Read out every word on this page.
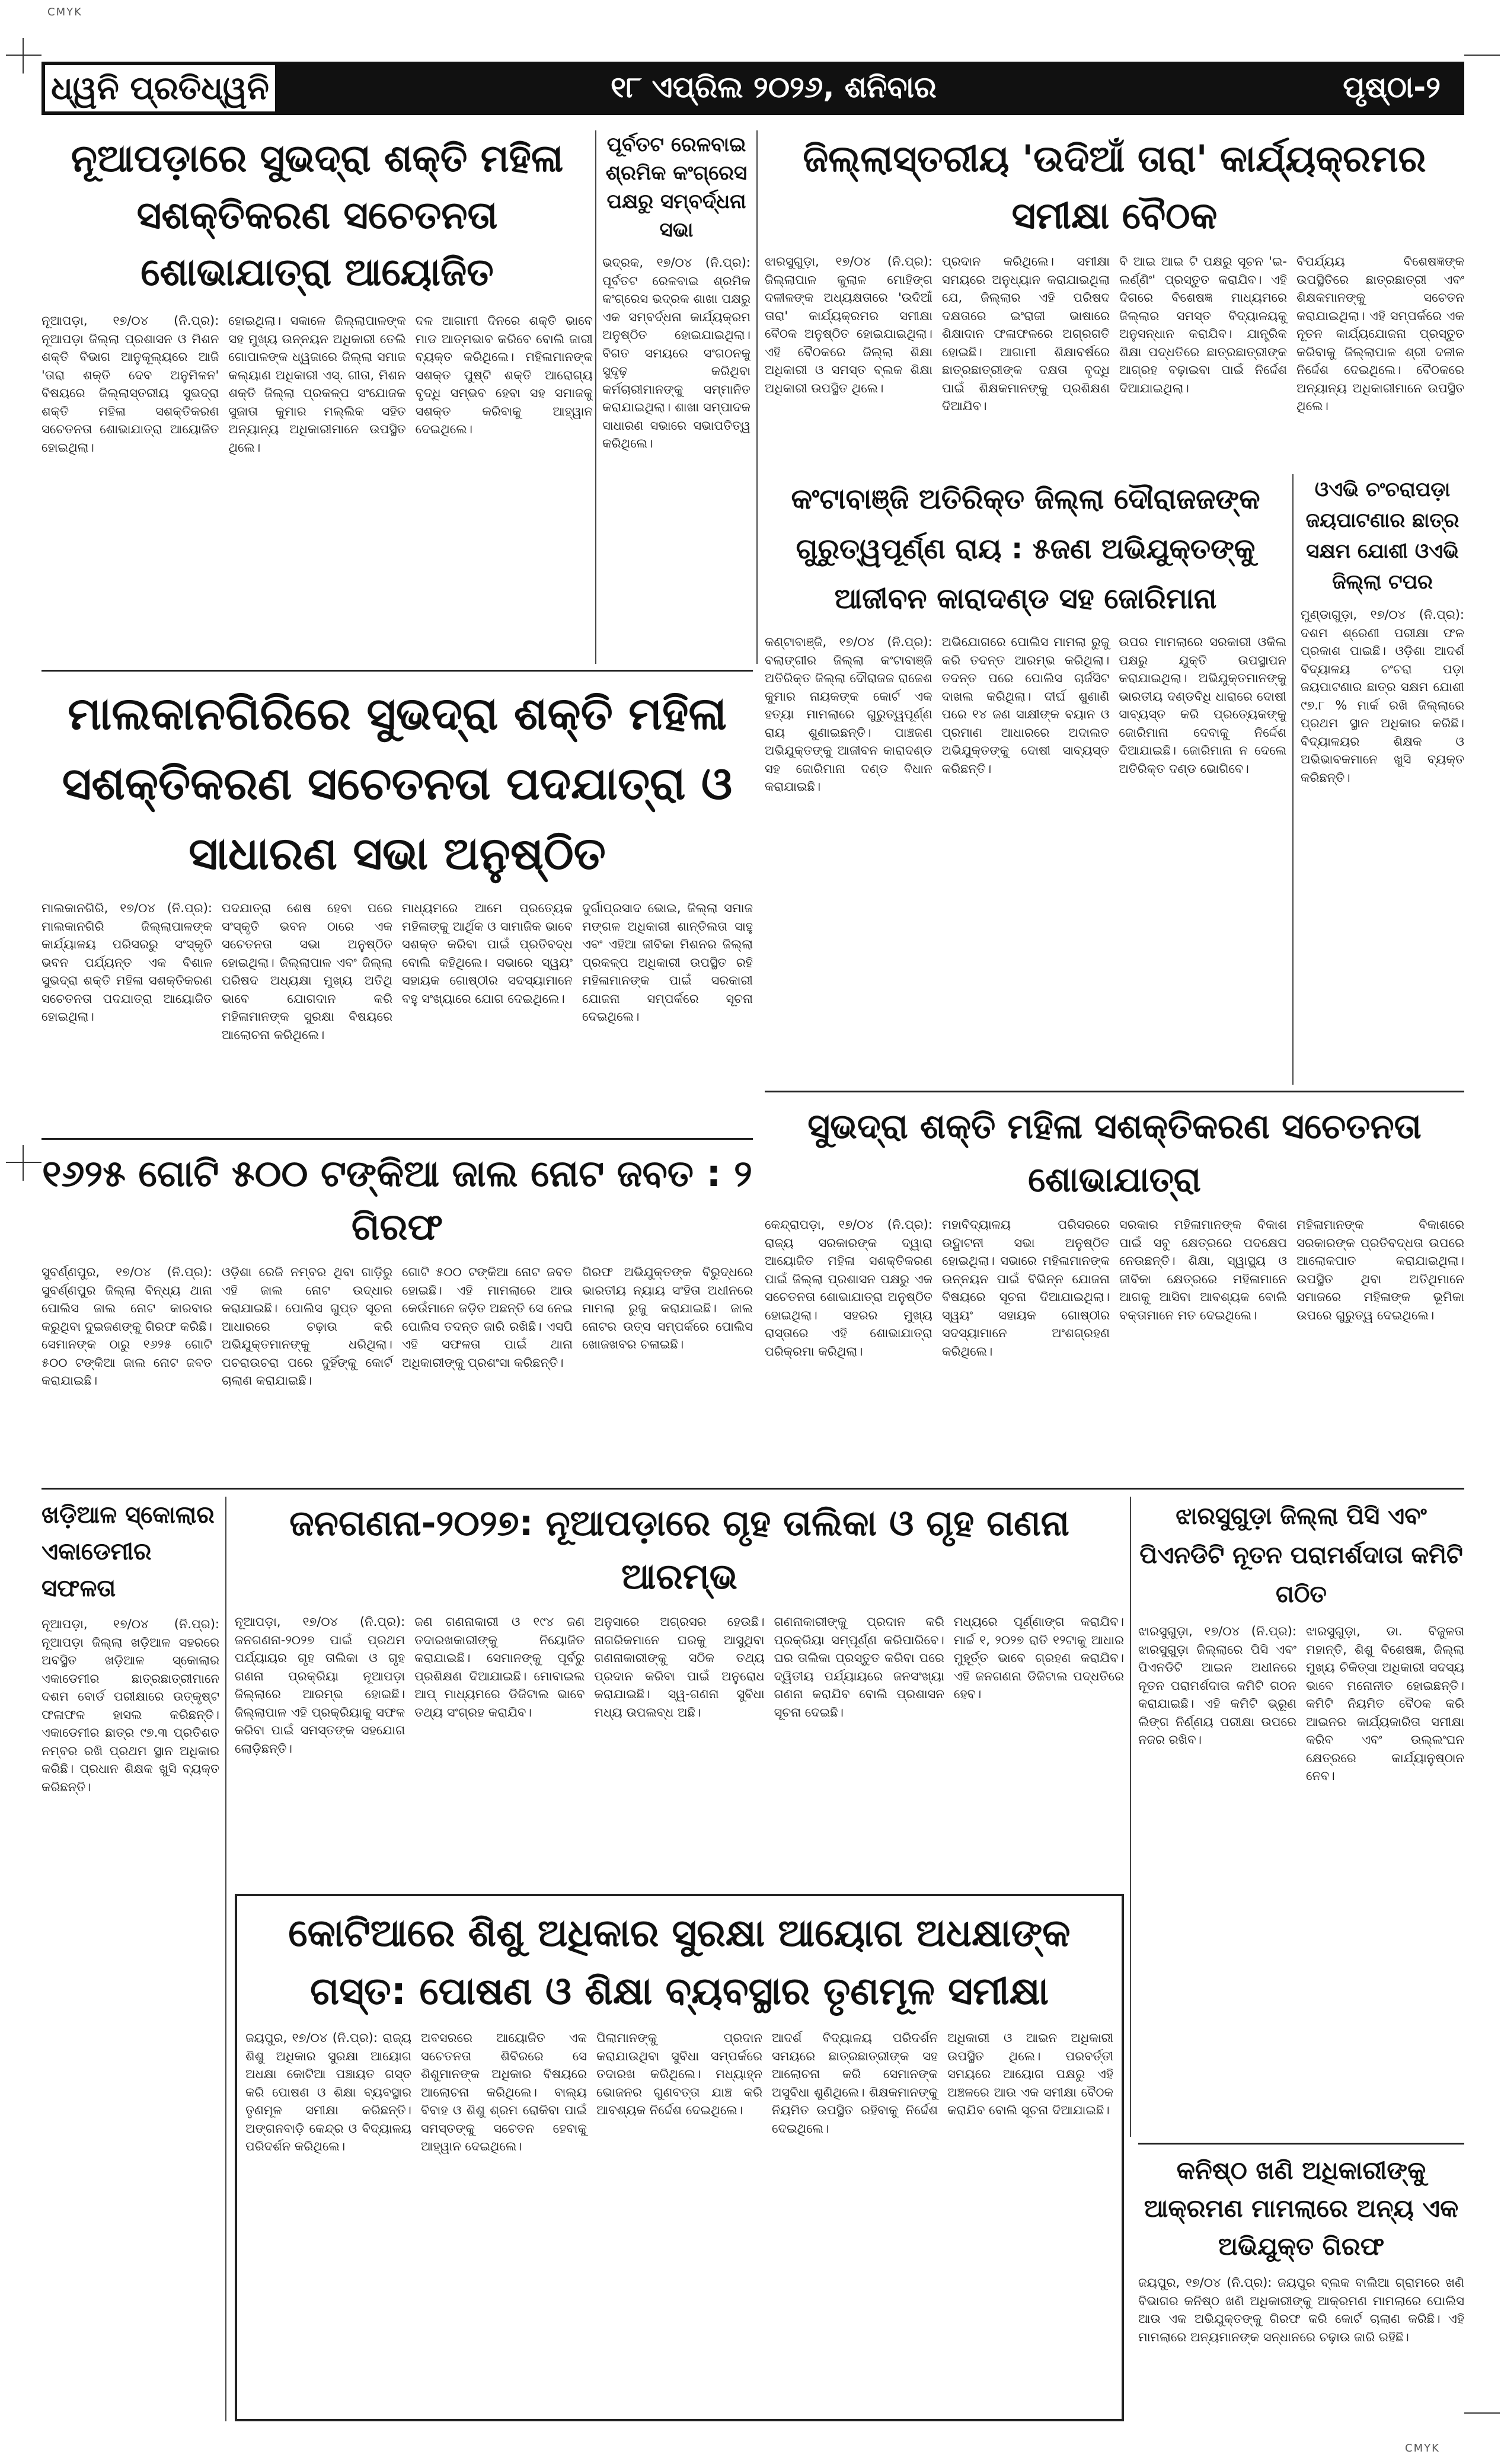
CMYK
CMYK
ଧ୍ୱନି ପ୍ରତିଧ୍ୱନି	୧୮ ଏପ୍ରିଲ ୨୦୨୬, ଶନିବାର	ପୃଷ୍ଠା-୨
ନୂଆପଡ଼ାରେ ସୁଭଦ୍ରା ଶକ୍ତି ମହିଳା ସଶକ୍ତିକରଣ ସଚେତନତା ଶୋଭାଯାତ୍ରା ଆୟୋଜିତ
ନୂଆପଡ଼ା, ୧୭/୦୪ (ନି.ପ୍ର): ନୂଆପଡ଼ା ଜିଲ୍ଲା ପ୍ରଶାସନ ଓ ମିଶନ ଶକ୍ତି ବିଭାଗ ଆନୁକୂଲ୍ୟରେ ଆଜି 'ତାରା ଶକ୍ତି ଦେବ ଅନୁମିଳନ' ବିଷୟରେ ଜିଲ୍ଲାସ୍ତରୀୟ ସୁଭଦ୍ରା ଶକ୍ତି ମହିଳା ସଶକ୍ତିକରଣ ସଚେତନତା ଶୋଭାଯାତ୍ରା ଆୟୋଜିତ ହୋଇଥିଲା।
ହୋଇଥିଲା। ସକାଳେ ଜିଲ୍ଲାପାଳଙ୍କ ସହ ମୁଖ୍ୟ ଉନ୍ନୟନ ଅଧିକାରୀ ତେଲି ଗୋପାଳଙ୍କ ଧ୍ୱଜାରେ ଜିଲ୍ଲା ସମାଜ କଲ୍ୟାଣ ଅଧିକାରୀ ଏସ୍. ଗୀତା, ମିଶନ ଶକ୍ତି ଜିଲ୍ଲା ପ୍ରକଳ୍ପ ସଂଯୋଜକ ସୁଜାତା କୁମାର ମଲ୍ଲିକ ସହିତ ଅନ୍ୟାନ୍ୟ ଅଧିକାରୀମାନେ ଉପସ୍ଥିତ ଥିଲେ।
ଦଳ ଆଗାମୀ ଦିନରେ ଶକ୍ତି ଭାବେ ମାଡ ଆତ୍ମଭାବ କରିବେ ବୋଲି ଜାରୀ ବ୍ୟକ୍ତ କରିଥିଲେ। ମହିଳାମାନଙ୍କ ସଶକ୍ତ ପୁଷ୍ଟି ଶକ୍ତି ଆରୋଗ୍ୟ ବୃଦ୍ଧି ସମ୍ଭବ ହେବା ସହ ସମାଜକୁ ସଶକ୍ତ କରିବାକୁ ଆହ୍ୱାନ ଦେଇଥିଲେ।
ପୂର୍ବତଟ ରେଳବାଇ ଶ୍ରମିକ କଂଗ୍ରେସ ପକ୍ଷରୁ ସମ୍ବର୍ଦ୍ଧନା ସଭା
ଭଦ୍ରକ, ୧୭/୦୪ (ନି.ପ୍ର): ପୂର୍ବତଟ ରେଳବାଇ ଶ୍ରମିକ କଂଗ୍ରେସ ଭଦ୍ରକ ଶାଖା ପକ୍ଷରୁ ଏକ ସମ୍ବର୍ଦ୍ଧନା କାର୍ଯ୍ୟକ୍ରମ ଅନୁଷ୍ଠିତ ହୋଇଯାଇଥିଲା। ବିଗତ ସମୟରେ ସଂଗଠନକୁ ସୁଦୃଢ଼ କରିଥିବା କର୍ମଚାରୀମାନଙ୍କୁ ସମ୍ମାନିତ କରାଯାଇଥିଲା। ଶାଖା ସମ୍ପାଦକ ସାଧାରଣ ସଭାରେ ସଭାପତିତ୍ୱ କରିଥିଲେ।
ଜିଲ୍ଲାସ୍ତରୀୟ 'ଉଦିଆଁ ତାରା' କାର୍ଯ୍ୟକ୍ରମର ସମୀକ୍ଷା ବୈଠକ
ଝାରସୁଗୁଡ଼ା, ୧୭/୦୪ (ନି.ପ୍ର): ଜିଲ୍ଲାପାଳ କୁଲାଳ ମୋହିଙ୍ଗ ଦଳୀଳଙ୍କ ଅଧ୍ୟକ୍ଷତାରେ 'ଉଦିଆଁ ତାରା' କାର୍ଯ୍ୟକ୍ରମର ସମୀକ୍ଷା ବୈଠକ ଅନୁଷ୍ଠିତ ହୋଇଯାଇଥିଲା। ଏହି ବୈଠକରେ ଜିଲ୍ଲା ଶିକ୍ଷା ଅଧିକାରୀ ଓ ସମସ୍ତ ବ୍ଲକ ଶିକ୍ଷା ଅଧିକାରୀ ଉପସ୍ଥିତ ଥିଲେ।
ପ୍ରଦାନ କରିଥିଲେ। ସମୀକ୍ଷା ସମୟରେ ଅନୁଧ୍ୟାନ କରାଯାଇଥିଲା ଯେ, ଜିଲ୍ଲାର ଏହି ପରିଷଦ ଦକ୍ଷତାରେ ଇଂରାଜୀ ଭାଷାରେ ଶିକ୍ଷାଦାନ ଫଳାଫଳରେ ଅଗ୍ରଗତି ହୋଇଛି। ଆଗାମୀ ଶିକ୍ଷାବର୍ଷରେ ଛାତ୍ରଛାତ୍ରୀଙ୍କ ଦକ୍ଷତା ବୃଦ୍ଧି ପାଇଁ ଶିକ୍ଷକମାନଙ୍କୁ ପ୍ରଶିକ୍ଷଣ ଦିଆଯିବ।
ବି ଆଇ ଆଇ ଟି ପକ୍ଷରୁ ସୂଚନ 'ଇ-ଲର୍ଣ୍ଣିଂ' ପ୍ରସ୍ତୁତ କରାଯିବ। ଏହି ଦିଗରେ ବିଶେଷଜ୍ଞ ମାଧ୍ୟମରେ ଜିଲ୍ଲାର ସମସ୍ତ ବିଦ୍ୟାଳୟକୁ ଅନୁସନ୍ଧାନ କରାଯିବ। ଯାନ୍ତ୍ରିକ ଶିକ୍ଷା ପଦ୍ଧତିରେ ଛାତ୍ରଛାତ୍ରୀଙ୍କ ଆଗ୍ରହ ବଢ଼ାଇବା ପାଇଁ ନିର୍ଦ୍ଦେଶ ଦିଆଯାଇଥିଲା।
ବିପର୍ଯ୍ୟୟ ବିଶେଷଜ୍ଞଙ୍କ ଉପସ୍ଥିତିରେ ଛାତ୍ରଛାତ୍ରୀ ଏବଂ ଶିକ୍ଷକମାନଙ୍କୁ ସଚେତନ କରାଯାଇଥିଲା। ଏହି ସମ୍ପର୍କରେ ଏକ ନୂତନ କାର୍ଯ୍ୟଯୋଜନା ପ୍ରସ୍ତୁତ କରିବାକୁ ଜିଲ୍ଲାପାଳ ଶ୍ରୀ ଦଳୀଳ ନିର୍ଦ୍ଦେଶ ଦେଇଥିଲେ। ବୈଠକରେ ଅନ୍ୟାନ୍ୟ ଅଧିକାରୀମାନେ ଉପସ୍ଥିତ ଥିଲେ।
କଂଟାବାଞ୍ଜି ଅତିରିକ୍ତ ଜିଲ୍ଲା ଦୌରାଜଜଙ୍କ ଗୁରୁତ୍ୱପୂର୍ଣ୍ଣ ରାୟ : ୫ଜଣ ଅଭିଯୁକ୍ତଙ୍କୁ ଆଜୀବନ କାରାଦଣ୍ଡ ସହ ଜୋରିମାନା
କଣ୍ଟାବାଞ୍ଜି, ୧୭/୦୪ (ନି.ପ୍ର): ବଲାଙ୍ଗୀର ଜିଲ୍ଲା କଂଟାବାଞ୍ଜି ଅତିରିକ୍ତ ଜିଲ୍ଲା ଦୌରାଜଜ ରାଜେଶ କୁମାର ନାୟକଙ୍କ କୋର୍ଟ ଏକ ହତ୍ୟା ମାମଲାରେ ଗୁରୁତ୍ୱପୂର୍ଣ୍ଣ ରାୟ ଶୁଣାଇଛନ୍ତି। ପାଞ୍ଚଜଣ ଅଭିଯୁକ୍ତଙ୍କୁ ଆଜୀବନ କାରାଦଣ୍ଡ ସହ ଜୋରିମାନା ଦଣ୍ଡ ବିଧାନ କରାଯାଇଛି।
ଅଭିଯୋଗରେ ପୋଲିସ ମାମଲା ରୁଜୁ କରି ତଦନ୍ତ ଆରମ୍ଭ କରିଥିଲା। ତଦନ୍ତ ପରେ ପୋଲିସ ଚାର୍ଜସିଟ ଦାଖଲ କରିଥିଲା। ଦୀର୍ଘ ଶୁଣାଣି ପରେ ୧୪ ଜଣ ସାକ୍ଷୀଙ୍କ ବୟାନ ଓ ପ୍ରମାଣ ଆଧାରରେ ଅଦାଲତ ଅଭିଯୁକ୍ତଙ୍କୁ ଦୋଷୀ ସାବ୍ୟସ୍ତ କରିଛନ୍ତି।
ଉପର ମାମଲାରେ ସରକାରୀ ଓକିଲ ପକ୍ଷରୁ ଯୁକ୍ତି ଉପସ୍ଥାପନ କରାଯାଇଥିଲା। ଅଭିଯୁକ୍ତମାନଙ୍କୁ ଭାରତୀୟ ଦଣ୍ଡବିଧି ଧାରାରେ ଦୋଷୀ ସାବ୍ୟସ୍ତ କରି ପ୍ରତ୍ୟେକଙ୍କୁ ଜୋରିମାନା ଦେବାକୁ ନିର୍ଦ୍ଦେଶ ଦିଆଯାଇଛି। ଜୋରିମାନା ନ ଦେଲେ ଅତିରିକ୍ତ ଦଣ୍ଡ ଭୋଗିବେ।
ଓଏଭି ଚଂଚରାପଡ଼ା ଜୟପାଟଣାର ଛାତ୍ର ସକ୍ଷମ ଯୋଶୀ ଓଏଭି ଜିଲ୍ଲା ଟପର
ମୁଣ୍ଡାଗୁଡ଼ା, ୧୭/୦୪ (ନି.ପ୍ର): ଦଶମ ଶ୍ରେଣୀ ପରୀକ୍ଷା ଫଳ ପ୍ରକାଶ ପାଇଛି। ଓଡ଼ିଶା ଆଦର୍ଶ ବିଦ୍ୟାଳୟ ଚଂଚରା ପଡ଼ା ଜୟପାଟଣାର ଛାତ୍ର ସକ୍ଷମ ଯୋଶୀ ୯୭.୮ % ମାର୍କ ରଖି ଜିଲ୍ଲାରେ ପ୍ରଥମ ସ୍ଥାନ ଅଧିକାର କରିଛି। ବିଦ୍ୟାଳୟର ଶିକ୍ଷକ ଓ ଅଭିଭାବକମାନେ ଖୁସି ବ୍ୟକ୍ତ କରିଛନ୍ତି।
ମାଲକାନଗିରିରେ ସୁଭଦ୍ରା ଶକ୍ତି ମହିଳା ସଶକ୍ତିକରଣ ସଚେତନତା ପଦଯାତ୍ରା ଓ ସାଧାରଣ ସଭା ଅନୁଷ୍ଠିତ
ମାଲକାନଗିରି, ୧୭/୦୪ (ନି.ପ୍ର): ମାଲକାନଗିରି ଜିଲ୍ଲାପାଳଙ୍କ କାର୍ଯ୍ୟାଳୟ ପରିସରରୁ ସଂସ୍କୃତି ଭବନ ପର୍ଯ୍ୟନ୍ତ ଏକ ବିଶାଳ ସୁଭଦ୍ରା ଶକ୍ତି ମହିଳା ସଶକ୍ତିକରଣ ସଚେତନତା ପଦଯାତ୍ରା ଆୟୋଜିତ ହୋଇଥିଲା।
ପଦଯାତ୍ରା ଶେଷ ହେବା ପରେ ସଂସ୍କୃତି ଭବନ ଠାରେ ଏକ ସଚେତନତା ସଭା ଅନୁଷ୍ଠିତ ହୋଇଥିଲା। ଜିଲ୍ଲାପାଳ ଏବଂ ଜିଲ୍ଲା ପରିଷଦ ଅଧ୍ୟକ୍ଷା ମୁଖ୍ୟ ଅତିଥି ଭାବେ ଯୋଗଦାନ କରି ମହିଳାମାନଙ୍କ ସୁରକ୍ଷା ବିଷୟରେ ଆଲୋଚନା କରିଥିଲେ।
ମାଧ୍ୟମରେ ଆମେ ପ୍ରତ୍ୟେକ ମହିଳାଙ୍କୁ ଆର୍ଥିକ ଓ ସାମାଜିକ ଭାବେ ସଶକ୍ତ କରିବା ପାଇଁ ପ୍ରତିବଦ୍ଧ ବୋଲି କହିଥିଲେ। ସଭାରେ ସ୍ୱୟଂ ସହାୟକ ଗୋଷ୍ଠୀର ସଦସ୍ୟାମାନେ ବହୁ ସଂଖ୍ୟାରେ ଯୋଗ ଦେଇଥିଲେ।
ଦୁର୍ଗାପ୍ରସାଦ ଭୋଇ, ଜିଲ୍ଲା ସମାଜ ମଙ୍ଗଳ ଅଧିକାରୀ ଶାନ୍ତିଲତା ସାହୁ ଏବଂ ଏହିଆ ଜୀବିକା ମିଶନର ଜିଲ୍ଲା ପ୍ରକଳ୍ପ ଅଧିକାରୀ ଉପସ୍ଥିତ ରହି ମହିଳାମାନଙ୍କ ପାଇଁ ସରକାରୀ ଯୋଜନା ସମ୍ପର୍କରେ ସୂଚନା ଦେଇଥିଲେ।
ସୁଭଦ୍ରା ଶକ୍ତି ମହିଳା ସଶକ୍ତିକରଣ ସଚେତନତା ଶୋଭାଯାତ୍ରା
କେନ୍ଦ୍ରାପଡ଼ା, ୧୭/୦୪ (ନି.ପ୍ର): ରାଜ୍ୟ ସରକାରଙ୍କ ଦ୍ୱାରା ଆୟୋଜିତ ମହିଳା ସଶକ୍ତିକରଣ ପାଇଁ ଜିଲ୍ଲା ପ୍ରଶାସନ ପକ୍ଷରୁ ଏକ ସଚେତନତା ଶୋଭାଯାତ୍ରା ଅନୁଷ୍ଠିତ ହୋଇଥିଲା। ସହରର ମୁଖ୍ୟ ରାସ୍ତାରେ ଏହି ଶୋଭାଯାତ୍ରା ପରିକ୍ରମା କରିଥିଲା।
ମହାବିଦ୍ୟାଳୟ ପରିସରରେ ଉଦ୍ଘାଟନୀ ସଭା ଅନୁଷ୍ଠିତ ହୋଇଥିଲା। ସଭାରେ ମହିଳାମାନଙ୍କ ଉନ୍ନୟନ ପାଇଁ ବିଭିନ୍ନ ଯୋଜନା ବିଷୟରେ ସୂଚନା ଦିଆଯାଇଥିଲା। ସ୍ୱୟଂ ସହାୟକ ଗୋଷ୍ଠୀର ସଦସ୍ୟାମାନେ ଅଂଶଗ୍ରହଣ କରିଥିଲେ।
ସରକାର ମହିଳାମାନଙ୍କ ବିକାଶ ପାଇଁ ସବୁ କ୍ଷେତ୍ରରେ ପଦକ୍ଷେପ ନେଉଛନ୍ତି। ଶିକ୍ଷା, ସ୍ୱାସ୍ଥ୍ୟ ଓ ଜୀବିକା କ୍ଷେତ୍ରରେ ମହିଳାମାନେ ଆଗକୁ ଆସିବା ଆବଶ୍ୟକ ବୋଲି ବକ୍ତାମାନେ ମତ ଦେଇଥିଲେ।
ମହିଳାମାନଙ୍କ ବିକାଶରେ ସରକାରଙ୍କ ପ୍ରତିବଦ୍ଧତା ଉପରେ ଆଲୋକପାତ କରାଯାଇଥିଲା। ଉପସ୍ଥିତ ଥିବା ଅତିଥିମାନେ ସମାଜରେ ମହିଳାଙ୍କ ଭୂମିକା ଉପରେ ଗୁରୁତ୍ୱ ଦେଇଥିଲେ।
୧୬୨୫ ଗୋଟି ୫୦୦ ଟଙ୍କିଆ ଜାଲ ନୋଟ ଜବତ : ୨ ଗିରଫ
ସୁବର୍ଣ୍ଣପୁର, ୧୭/୦୪ (ନି.ପ୍ର): ସୁବର୍ଣ୍ଣପୁର ଜିଲ୍ଲା ବିନ୍ଧ୍ୟ ଥାନା ପୋଲିସ ଜାଲ ନୋଟ କାରବାର କରୁଥିବା ଦୁଇଜଣଙ୍କୁ ଗିରଫ କରିଛି। ସେମାନଙ୍କ ଠାରୁ ୧୬୨୫ ଗୋଟି ୫୦୦ ଟଙ୍କିଆ ଜାଲ ନୋଟ ଜବତ କରାଯାଇଛି।
ଓଡ଼ିଶା ରେଜି ନମ୍ବର ଥିବା ଗାଡ଼ିରୁ ଏହି ଜାଲ ନୋଟ ଉଦ୍ଧାର କରାଯାଇଛି। ପୋଲିସ ଗୁପ୍ତ ସୂଚନା ଆଧାରରେ ଚଢ଼ାଉ କରି ଅଭିଯୁକ୍ତମାନଙ୍କୁ ଧରିଥିଲା। ପଚରାଉଚରା ପରେ ଦୁହିଁଙ୍କୁ କୋର୍ଟ ଚାଲାଣ କରାଯାଇଛି।
ଗୋଟି ୫୦୦ ଟଙ୍କିଆ ନୋଟ ଜବତ ହୋଇଛି। ଏହି ମାମଲାରେ ଆଉ କେଉଁମାନେ ଜଡ଼ିତ ଅଛନ୍ତି ସେ ନେଇ ପୋଲିସ ତଦନ୍ତ ଜାରି ରଖିଛି। ଏସପି ଏହି ସଫଳତା ପାଇଁ ଥାନା ଅଧିକାରୀଙ୍କୁ ପ୍ରଶଂସା କରିଛନ୍ତି।
ଗିରଫ ଅଭିଯୁକ୍ତଙ୍କ ବିରୁଦ୍ଧରେ ଭାରତୀୟ ନ୍ୟାୟ ସଂହିତା ଅଧୀନରେ ମାମଲା ରୁଜୁ କରାଯାଇଛି। ଜାଲ ନୋଟର ଉତ୍ସ ସମ୍ପର୍କରେ ପୋଲିସ ଖୋଜଖବର ଚଳାଇଛି।
ଖଡ଼ିଆଳ ସ୍କୋଲାର ଏକାଡେମୀର ସଫଳତା
ନୂଆପଡ଼ା, ୧୭/୦୪ (ନି.ପ୍ର): ନୂଆପଡ଼ା ଜିଲ୍ଲା ଖଡ଼ିଆଳ ସହରରେ ଅବସ୍ଥିତ ଖଡ଼ିଆଳ ସ୍କୋଲାର ଏକାଡେମୀର ଛାତ୍ରଛାତ୍ରୀମାନେ ଦଶମ ବୋର୍ଡ ପରୀକ୍ଷାରେ ଉତ୍କୃଷ୍ଟ ଫଳାଫଳ ହାସଲ କରିଛନ୍ତି। ଏକାଡେମୀର ଛାତ୍ର ୯୭.୩ ପ୍ରତିଶତ ନମ୍ବର ରଖି ପ୍ରଥମ ସ୍ଥାନ ଅଧିକାର କରିଛି। ପ୍ରଧାନ ଶିକ୍ଷକ ଖୁସି ବ୍ୟକ୍ତ କରିଛନ୍ତି।
ଜନଗଣନା-୨୦୨୭: ନୂଆପଡ଼ାରେ ଗୃହ ତାଲିକା ଓ ଗୃହ ଗଣନା ଆରମ୍ଭ
ନୂଆପଡ଼ା, ୧୭/୦୪ (ନି.ପ୍ର): ଜନଗଣନା-୨୦୨୭ ପାଇଁ ପ୍ରଥମ ପର୍ଯ୍ୟାୟର ଗୃହ ତାଲିକା ଓ ଗୃହ ଗଣନା ପ୍ରକ୍ରିୟା ନୂଆପଡ଼ା ଜିଲ୍ଲାରେ ଆରମ୍ଭ ହୋଇଛି। ଜିଲ୍ଲାପାଳ ଏହି ପ୍ରକ୍ରିୟାକୁ ସଫଳ କରିବା ପାଇଁ ସମସ୍ତଙ୍କ ସହଯୋଗ ଲୋଡ଼ିଛନ୍ତି।
ଜଣ ଗଣନାକାରୀ ଓ ୧୯୪ ଜଣ ତଦାରଖକାରୀଙ୍କୁ ନିୟୋଜିତ କରାଯାଇଛି। ସେମାନଙ୍କୁ ପୂର୍ବରୁ ପ୍ରଶିକ୍ଷଣ ଦିଆଯାଇଛି। ମୋବାଇଲ ଆପ୍ ମାଧ୍ୟମରେ ଡିଜିଟାଲ ଭାବେ ତଥ୍ୟ ସଂଗ୍ରହ କରାଯିବ।
ଅନୁସାରେ ଅଗ୍ରସର ହେଉଛି। ନାଗରିକମାନେ ଘରକୁ ଆସୁଥିବା ଗଣନାକାରୀଙ୍କୁ ସଠିକ ତଥ୍ୟ ପ୍ରଦାନ କରିବା ପାଇଁ ଅନୁରୋଧ କରାଯାଇଛି। ସ୍ୱ-ଗଣନା ସୁବିଧା ମଧ୍ୟ ଉପଲବ୍ଧ ଅଛି।
ଗଣନାକାରୀଙ୍କୁ ପ୍ରଦାନ କରି ପ୍ରକ୍ରିୟା ସମ୍ପୂର୍ଣ୍ଣ କରିପାରିବେ। ଘର ତାଲିକା ପ୍ରସ୍ତୁତ କରିବା ପରେ ଦ୍ୱିତୀୟ ପର୍ଯ୍ୟାୟରେ ଜନସଂଖ୍ୟା ଗଣନା କରାଯିବ ବୋଲି ପ୍ରଶାସନ ସୂଚନା ଦେଇଛି।
ମଧ୍ୟରେ ପୂର୍ଣ୍ଣାଙ୍ଗ କରାଯିବ। ମାର୍ଚ୍ଚ ୧, ୨୦୨୭ ରାତି ୧୨ଟାକୁ ଆଧାର ମୁହୂର୍ତ୍ତ ଭାବେ ଗ୍ରହଣ କରାଯିବ। ଏହି ଜନଗଣନା ଡିଜିଟାଲ ପଦ୍ଧତିରେ ହେବ।
ଝାରସୁଗୁଡ଼ା ଜିଲ୍ଲା ପିସି ଏବଂ ପିଏନଡିଟି ନୂତନ ପରାମର୍ଶଦାତା କମିଟି ଗଠିତ
ଝାରସୁଗୁଡ଼ା, ୧୭/୦୪ (ନି.ପ୍ର): ଝାରସୁଗୁଡ଼ା ଜିଲ୍ଲାରେ ପିସି ଏବଂ ପିଏନଡିଟି ଆଇନ ଅଧୀନରେ ନୂତନ ପରାମର୍ଶଦାତା କମିଟି ଗଠନ କରାଯାଇଛି। ଏହି କମିଟି ଭ୍ରୂଣ ଲିଙ୍ଗ ନିର୍ଣ୍ଣୟ ପରୀକ୍ଷା ଉପରେ ନଜର ରଖିବ।
ଝାରସୁଗୁଡ଼ା, ଡା. ବିଜୁଳତା ମହାନ୍ତି, ଶିଶୁ ବିଶେଷଜ୍ଞ, ଜିଲ୍ଲା ମୁଖ୍ୟ ଚିକିତ୍ସା ଅଧିକାରୀ ସଦସ୍ୟ ଭାବେ ମନୋନୀତ ହୋଇଛନ୍ତି। କମିଟି ନିୟମିତ ବୈଠକ କରି ଆଇନର କାର୍ଯ୍ୟକାରିତା ସମୀକ୍ଷା କରିବ ଏବଂ ଉଲ୍ଲଂଘନ କ୍ଷେତ୍ରରେ କାର୍ଯ୍ୟାନୁଷ୍ଠାନ ନେବ।
କୋଟିଆରେ ଶିଶୁ ଅଧିକାର ସୁରକ୍ଷା ଆୟୋଗ ଅଧକ୍ଷାଙ୍କ ଗସ୍ତ: ପୋଷଣ ଓ ଶିକ୍ଷା ବ୍ୟବସ୍ଥାର ତୃଣମୂଳ ସମୀକ୍ଷା
ଜୟପୁର, ୧୭/୦୪ (ନି.ପ୍ର): ରାଜ୍ୟ ଶିଶୁ ଅଧିକାର ସୁରକ୍ଷା ଆୟୋଗ ଅଧକ୍ଷା କୋଟିଆ ପଞ୍ଚାୟତ ଗସ୍ତ କରି ପୋଷଣ ଓ ଶିକ୍ଷା ବ୍ୟବସ୍ଥାର ତୃଣମୂଳ ସମୀକ୍ଷା କରିଛନ୍ତି। ଅଙ୍ଗନବାଡ଼ି କେନ୍ଦ୍ର ଓ ବିଦ୍ୟାଳୟ ପରିଦର୍ଶନ କରିଥିଲେ।
ଅବସରରେ ଆୟୋଜିତ ଏକ ସଚେତନତା ଶିବିରରେ ସେ ଶିଶୁମାନଙ୍କ ଅଧିକାର ବିଷୟରେ ଆଲୋଚନା କରିଥିଲେ। ବାଲ୍ୟ ବିବାହ ଓ ଶିଶୁ ଶ୍ରମ ରୋକିବା ପାଇଁ ସମସ୍ତଙ୍କୁ ସଚେତନ ହେବାକୁ ଆହ୍ୱାନ ଦେଇଥିଲେ।
ପିଲାମାନଙ୍କୁ ପ୍ରଦାନ କରାଯାଉଥିବା ସୁବିଧା ସମ୍ପର୍କରେ ତଦାରଖ କରିଥିଲେ। ମଧ୍ୟାହ୍ନ ଭୋଜନର ଗୁଣବତ୍ତା ଯାଞ୍ଚ କରି ଆବଶ୍ୟକ ନିର୍ଦ୍ଦେଶ ଦେଇଥିଲେ।
ଆଦର୍ଶ ବିଦ୍ୟାଳୟ ପରିଦର୍ଶନ ସମୟରେ ଛାତ୍ରଛାତ୍ରୀଙ୍କ ସହ ଆଲୋଚନା କରି ସେମାନଙ୍କ ଅସୁବିଧା ଶୁଣିଥିଲେ। ଶିକ୍ଷକମାନଙ୍କୁ ନିୟମିତ ଉପସ୍ଥିତ ରହିବାକୁ ନିର୍ଦ୍ଦେଶ ଦେଇଥିଲେ।
ଅଧିକାରୀ ଓ ଆଇନ ଅଧିକାରୀ ଉପସ୍ଥିତ ଥିଲେ। ପରବର୍ତ୍ତୀ ସମୟରେ ଆୟୋଗ ପକ୍ଷରୁ ଏହି ଅଞ୍ଚଳରେ ଆଉ ଏକ ସମୀକ୍ଷା ବୈଠକ କରାଯିବ ବୋଲି ସୂଚନା ଦିଆଯାଇଛି।
କନିଷ୍ଠ ଖଣି ଅଧିକାରୀଙ୍କୁ ଆକ୍ରମଣ ମାମଲାରେ ଅନ୍ୟ ଏକ ଅଭିଯୁକ୍ତ ଗିରଫ
ଜୟପୁର, ୧୭/୦୪ (ନି.ପ୍ର): ଜୟପୁର ବ୍ଲକ ବାଲିଆ ଗ୍ରାମରେ ଖଣି ବିଭାଗର କନିଷ୍ଠ ଖଣି ଅଧିକାରୀଙ୍କୁ ଆକ୍ରମଣ ମାମଲାରେ ପୋଲିସ ଆଉ ଏକ ଅଭିଯୁକ୍ତଙ୍କୁ ଗିରଫ କରି କୋର୍ଟ ଚାଲାଣ କରିଛି। ଏହି ମାମଲାରେ ଅନ୍ୟମାନଙ୍କ ସନ୍ଧାନରେ ଚଢ଼ାଉ ଜାରି ରହିଛି।
